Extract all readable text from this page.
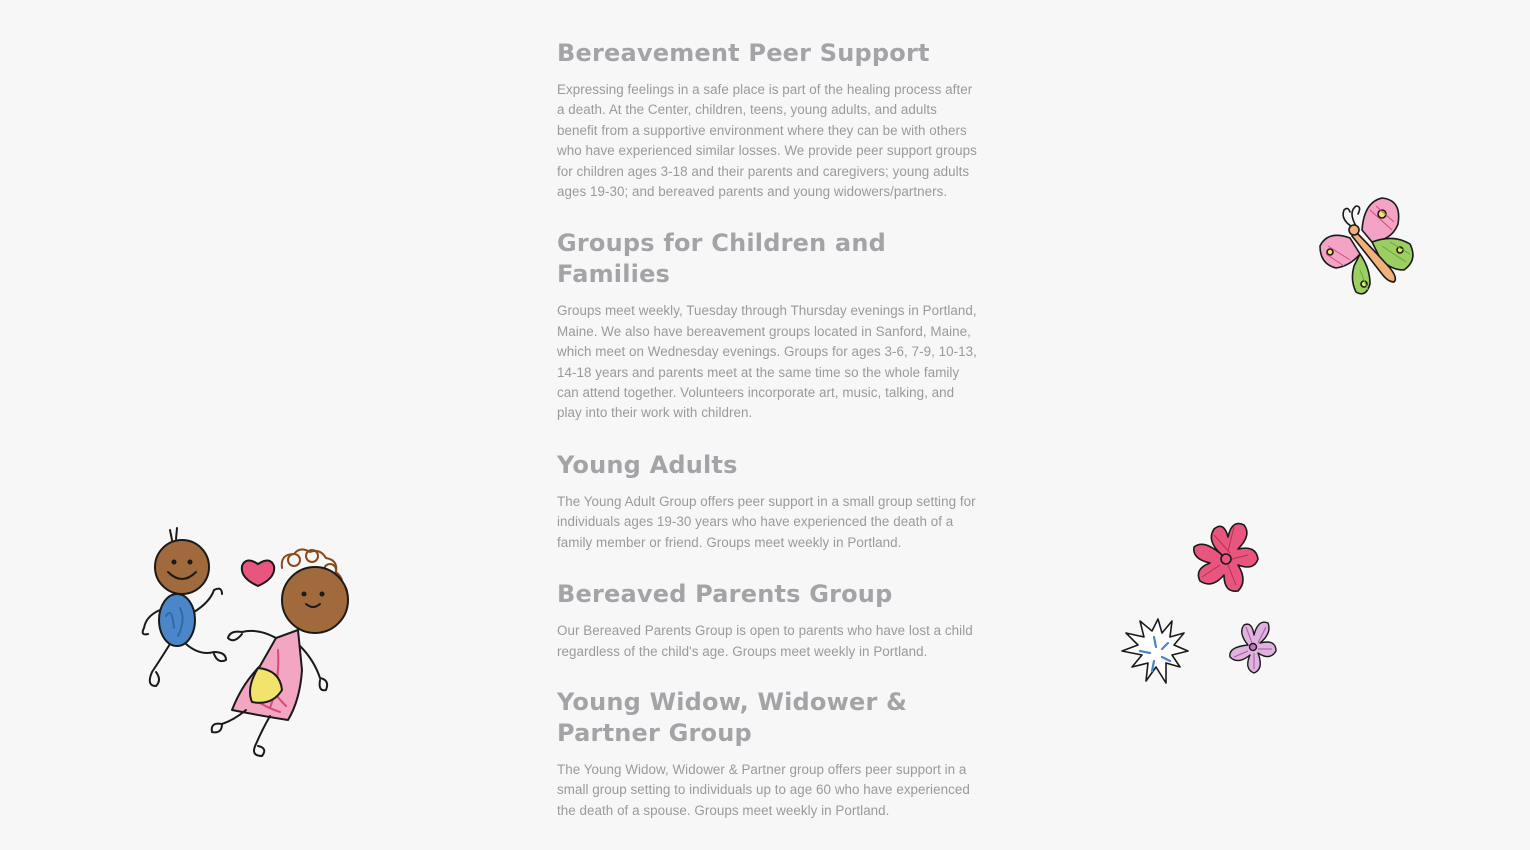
Bereavement Peer Support

Expressing feelings in a safe place is part of the healing process after a death. At the Center, children, teens, young adults, and adults benefit from a supportive environment where they can be with others who have experienced similar losses. We provide peer support groups for children ages 3-18 and their parents and caregivers; young adults ages 19-30; and bereaved parents and young widowers/partners.

Groups for Children and Families

Groups meet weekly, Tuesday through Thursday evenings in Portland, Maine. We also have bereavement groups located in Sanford, Maine, which meet on Wednesday evenings. Groups for ages 3-6, 7-9, 10-13, 14-18 years and parents meet at the same time so the whole family can attend together. Volunteers incorporate art, music, talking, and play into their work with children.

Young Adults

The Young Adult Group offers peer support in a small group setting for individuals ages 19-30 years who have experienced the death of a family member or friend. Groups meet weekly in Portland.

Bereaved Parents Group

Our Bereaved Parents Group is open to parents who have lost a child regardless of the child's age. Groups meet weekly in Portland.

Young Widow, Widower & Partner Group

The Young Widow, Widower & Partner group offers peer support in a small group setting to individuals up to age 60 who have experienced the death of a spouse. Groups meet weekly in Portland.
